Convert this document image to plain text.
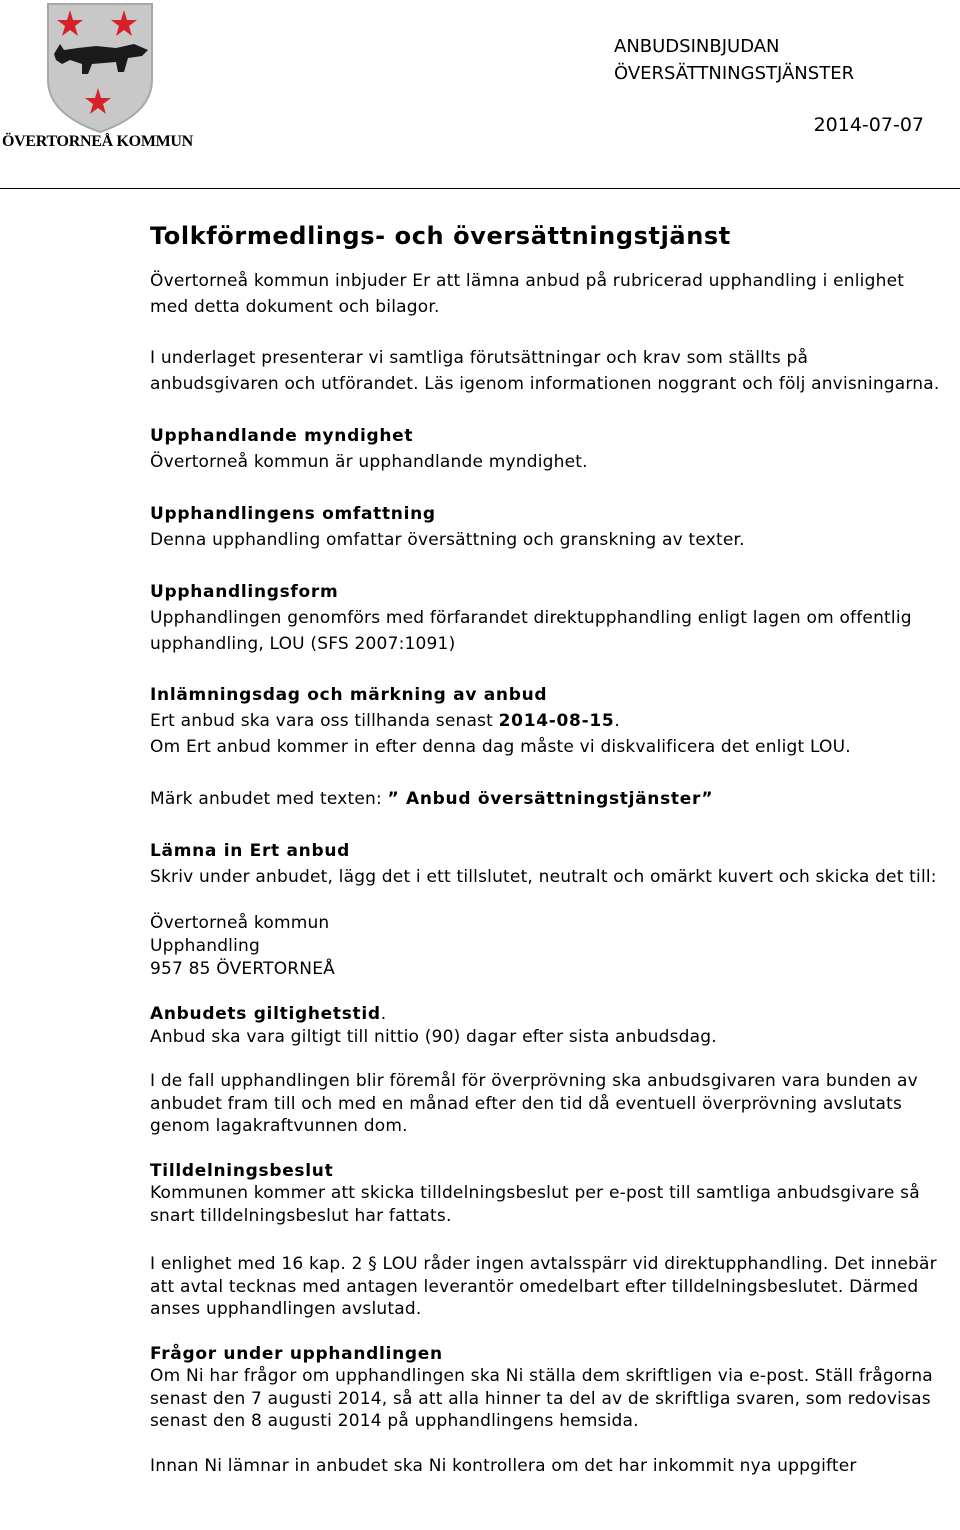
ÖVERTORNEÅ KOMMUN
ANBUDSINBJUDAN
ÖVERSÄTTNINGSTJÄNSTER
2014-07-07
Tolkförmedlings- och översättningstjänst

Övertorneå kommun inbjuder Er att lämna anbud på rubricerad upphandling i enlighet med detta dokument och bilagor.

I underlaget presenterar vi samtliga förutsättningar och krav som ställts på anbudsgivaren och utförandet. Läs igenom informationen noggrant och följ anvisningarna.

Upphandlande myndighet

Övertorneå kommun är upphandlande myndighet.

Upphandlingens omfattning

Denna upphandling omfattar översättning och granskning av texter.

Upphandlingsform

Upphandlingen genomförs med förfarandet direktupphandling enligt lagen om offentlig upphandling, LOU (SFS 2007:1091)

Inlämningsdag och märkning av anbud

Ert anbud ska vara oss tillhanda senast 2014-08-15.

Om Ert anbud kommer in efter denna dag måste vi diskvalificera det enligt LOU.

Märk anbudet med texten: ” Anbud översättningstjänster”

Lämna in Ert anbud

Skriv under anbudet, lägg det i ett tillslutet, neutralt och omärkt kuvert och skicka det till:

Övertorneå kommun

Upphandling

957 85 ÖVERTORNEÅ

Anbudets giltighetstid.

Anbud ska vara giltigt till nittio (90) dagar efter sista anbudsdag.

I de fall upphandlingen blir föremål för överprövning ska anbudsgivaren vara bunden av anbudet fram till och med en månad efter den tid då eventuell överprövning avslutats genom lagakraftvunnen dom.

Tilldelningsbeslut

Kommunen kommer att skicka tilldelningsbeslut per e-post till samtliga anbudsgivare så snart tilldelningsbeslut har fattats.

I enlighet med 16 kap. 2 § LOU råder ingen avtalsspärr vid direktupphandling. Det innebär att avtal tecknas med antagen leverantör omedelbart efter tilldelningsbeslutet. Därmed anses upphandlingen avslutad.

Frågor under upphandlingen

Om Ni har frågor om upphandlingen ska Ni ställa dem skriftligen via e-post. Ställ frågorna senast den 7 augusti 2014, så att alla hinner ta del av de skriftliga svaren, som redovisas senast den 8 augusti 2014 på upphandlingens hemsida.

Innan Ni lämnar in anbudet ska Ni kontrollera om det har inkommit nya uppgifter
